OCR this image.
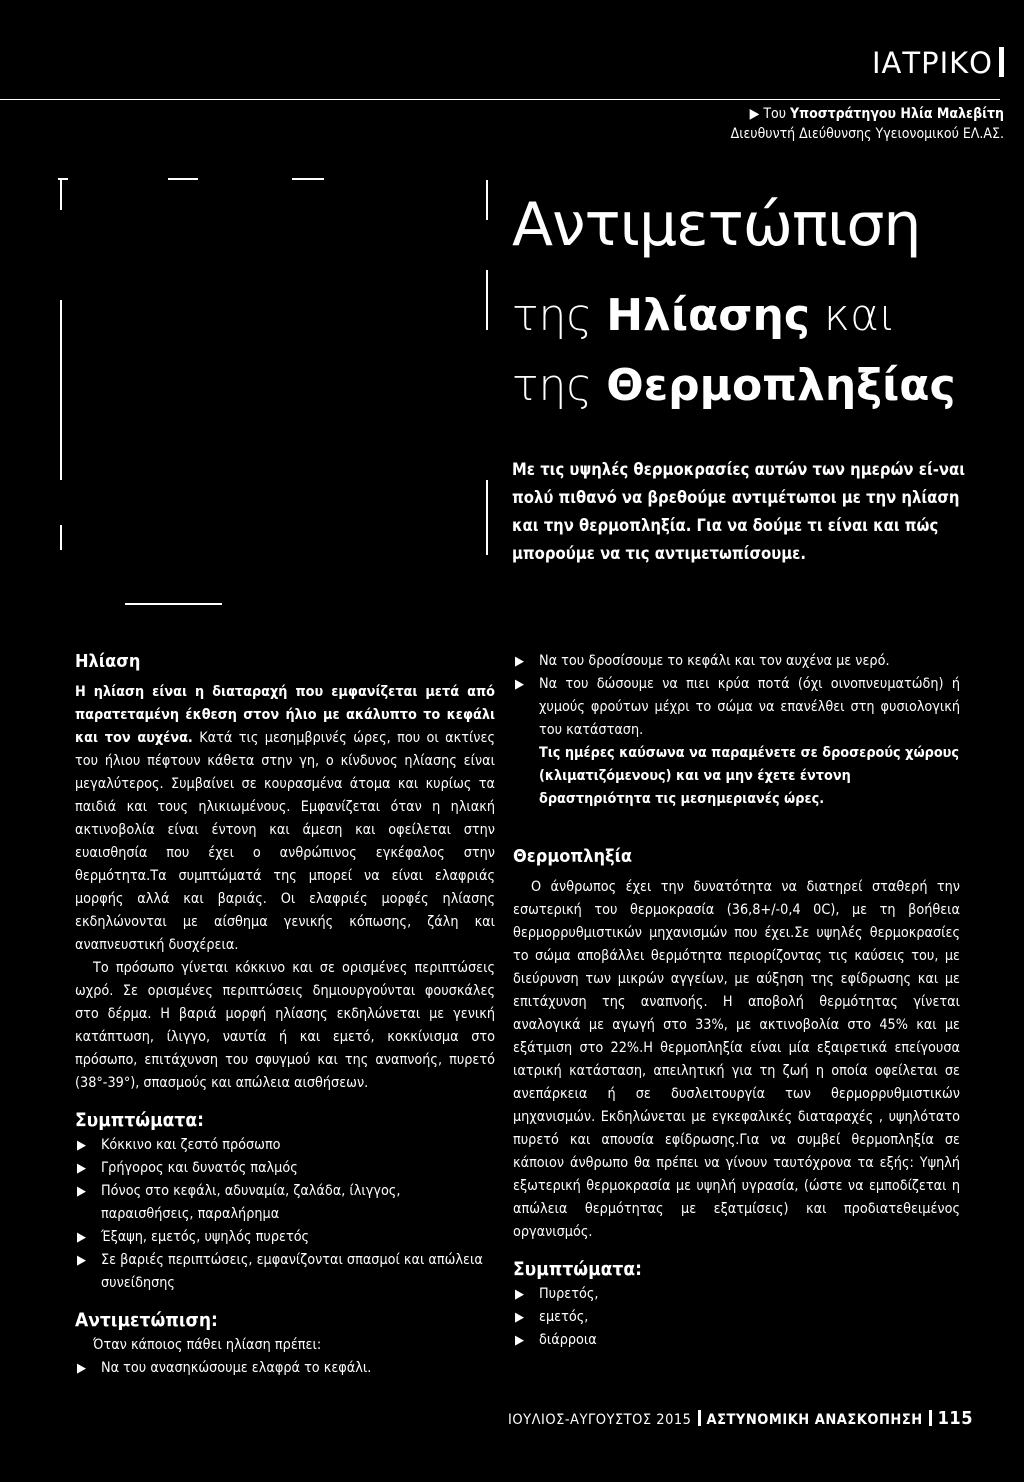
ΙΑΤΡΙΚΟ
▶ Του Υποστράτηγου Ηλία Μαλεβίτη
Διευθυντή Διεύθυνσης Υγειονομικού ΕΛ.ΑΣ.
Αντιμετώπιση
της Ηλίασης και
της Θερμοπληξίας
Με τις υψηλές θερμοκρασίες αυτών των ημερών εί-ναι πολύ πιθανό να βρεθούμε αντιμέτωποι με την ηλίαση και την θερμοπληξία. Για να δούμε τι είναι και πώς μπορούμε να τις αντιμετωπίσουμε.
Ηλίαση

Η ηλίαση είναι η διαταραχή που εμφανίζεται μετά από παρατεταμένη έκθεση στον ήλιο με ακάλυπτο το κεφάλι και τον αυχένα. Κατά τις μεσημβρινές ώρες, που οι ακτίνες του ήλιου πέφτουν κάθετα στην γη, ο κίνδυνος ηλίασης είναι μεγαλύτερος. Συμβαίνει σε κουρασμένα άτομα και κυρίως τα παιδιά και τους ηλικιωμένους. Εμφανίζεται όταν η ηλιακή ακτινοβολία είναι έντονη και άμεση και οφείλεται στην ευαισθησία που έχει ο ανθρώπινος εγκέφαλος στην θερμότητα.Τα συμπτώματά της μπορεί να είναι ελαφριάς μορφής αλλά και βαριάς. Οι ελαφριές μορφές ηλίασης εκδηλώνονται με αίσθημα γενικής κόπωσης, ζάλη και αναπνευστική δυσχέρεια.

Το πρόσωπο γίνεται κόκκινο και σε ορισμένες περιπτώσεις ωχρό. Σε ορισμένες περιπτώσεις δημιουργούνται φουσκάλες στο δέρμα. Η βαριά μορφή ηλίασης εκδηλώνεται με γενική κατάπτωση, ίλιγγο, ναυτία ή και εμετό, κοκκίνισμα στο πρόσωπο, επιτάχυνση του σφυγμού και της αναπνοής, πυρετό (38°-39°), σπασμούς και απώλεια αισθήσεων.

Συμπτώματα:
▶ Κόκκινο και ζεστό πρόσωπο
▶ Γρήγορος και δυνατός παλμός
▶ Πόνος στο κεφάλι, αδυναμία, ζαλάδα, ίλιγγος, παραισθήσεις, παραλήρημα
▶ Έξαψη, εμετός, υψηλός πυρετός
▶ Σε βαριές περιπτώσεις, εμφανίζονται σπασμοί και απώλεια συνείδησης
Αντιμετώπιση:

Όταν κάποιος πάθει ηλίαση πρέπει:

▶ Να του ανασηκώσουμε ελαφρά το κεφάλι.
▶ Να του δροσίσουμε το κεφάλι και τον αυχένα με νερό.
▶ Να του δώσουμε να πιει κρύα ποτά (όχι οινοπνευματώδη) ή χυμούς φρούτων μέχρι το σώμα να επανέλθει στη φυσιολογική του κατάσταση.

Τις ημέρες καύσωνα να παραμένετε σε δροσερούς χώρους (κλιματιζόμενους) και να μην έχετε έντονη δραστηριότητα τις μεσημεριανές ώρες.

Θερμοπληξία

Ο άνθρωπος έχει την δυνατότητα να διατηρεί σταθερή την εσωτερική του θερμοκρασία (36,8+/-0,4 0C), με τη βοήθεια θερμορρυθμιστικών μηχανισμών που έχει.Σε υψηλές θερμοκρασίες το σώμα αποβάλλει θερμότητα περιορίζοντας τις καύσεις του, με διεύρυνση των μικρών αγγείων, με αύξηση της εφίδρωσης και με επιτάχυνση της αναπνοής. Η αποβολή θερμότητας γίνεται αναλογικά με αγωγή στο 33%, με ακτινοβολία στο 45% και με εξάτμιση στο 22%.Η θερμοπληξία είναι μία εξαιρετικά επείγουσα ιατρική κατάσταση, απειλητική για τη ζωή η οποία οφείλεται σε ανεπάρκεια ή σε δυσλειτουργία των θερμορρυθμιστικών μηχανισμών. Εκδηλώνεται με εγκεφαλικές διαταραχές , υψηλότατο πυρετό και απουσία εφίδρωσης.Για να συμβεί θερμοπληξία σε κάποιον άνθρωπο θα πρέπει να γίνουν ταυτόχρονα τα εξής: Υψηλή εξωτερική θερμοκρασία με υψηλή υγρασία, (ώστε να εμποδίζεται η απώλεια θερμότητας με εξατμίσεις) και προδιατεθειμένος οργανισμός.

Συμπτώματα:
▶ Πυρετός,
▶ εμετός,
▶ διάρροια
ΙΟΥΛΙΟΣ-ΑΥΓΟΥΣΤΟΣ 2015 ΑΣΤΥΝΟΜΙΚΗ ΑΝΑΣΚΟΠΗΣΗ 115
